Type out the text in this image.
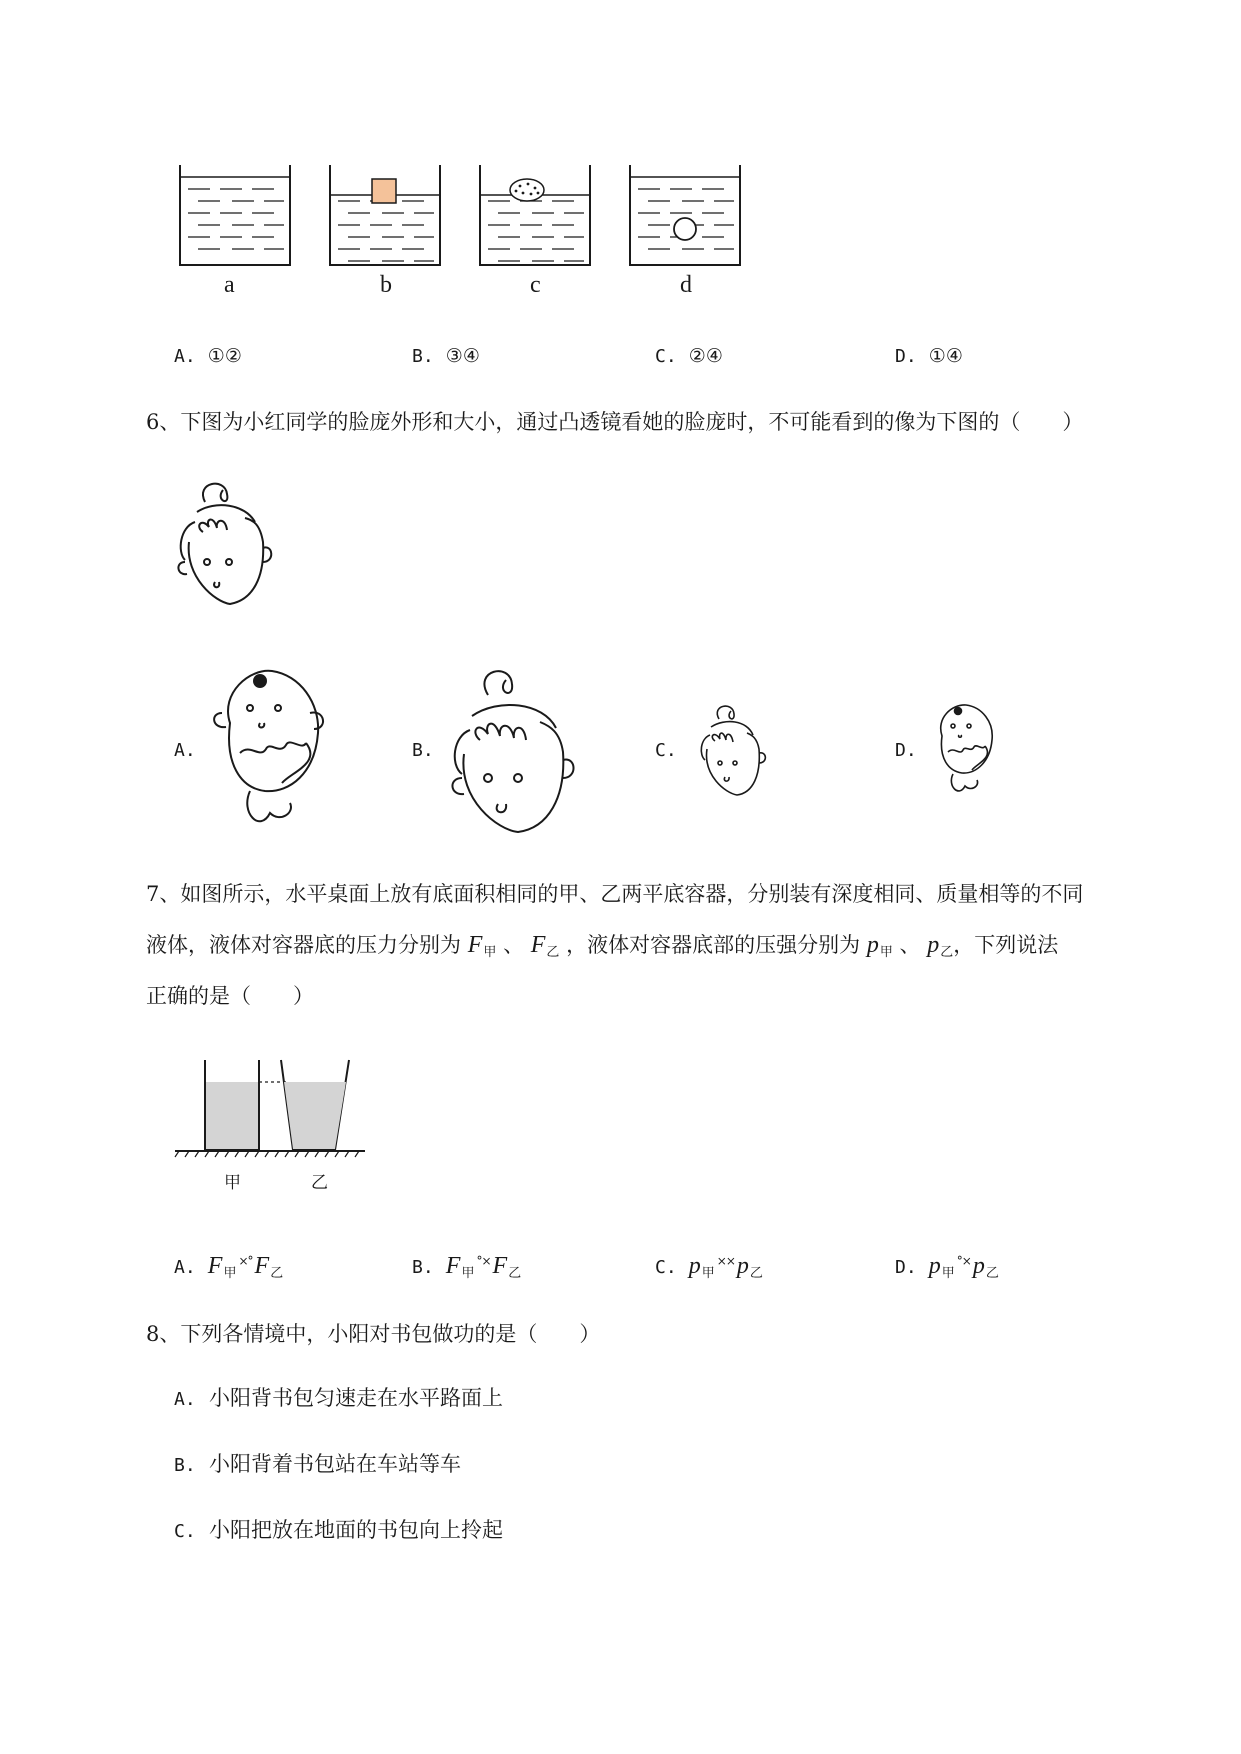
a	b	c	d
A. ①②	B. ③④	C. ②④	D. ①④
6、下图为小红同学的脸庞外形和大小，通过凸透镜看她的脸庞时，不可能看到的像为下图的（　　）
A.	B.	C.	D.
7、如图所示，水平桌面上放有底面积相同的甲、乙两平底容器，分别装有深度相同、质量相等的不同
液体，液体对容器底的压力分别为 $F_甲$ 、 $F_乙$ ，液体对容器底部的压强分别为 $p_甲$ 、 $p_乙$，下列说法
正确的是（　　）
甲	乙
A. $F_甲^{\times^\circ}F_乙$	B. $F_甲^{^\circ\times}F_乙$	C. $p_甲^{\times\times}p_乙$	D. $p_甲^{^\circ\times}p_乙$
8、下列各情境中，小阳对书包做功的是（　　）
A. 小阳背书包匀速走在水平路面上
B. 小阳背着书包站在车站等车
C. 小阳把放在地面的书包向上拎起
